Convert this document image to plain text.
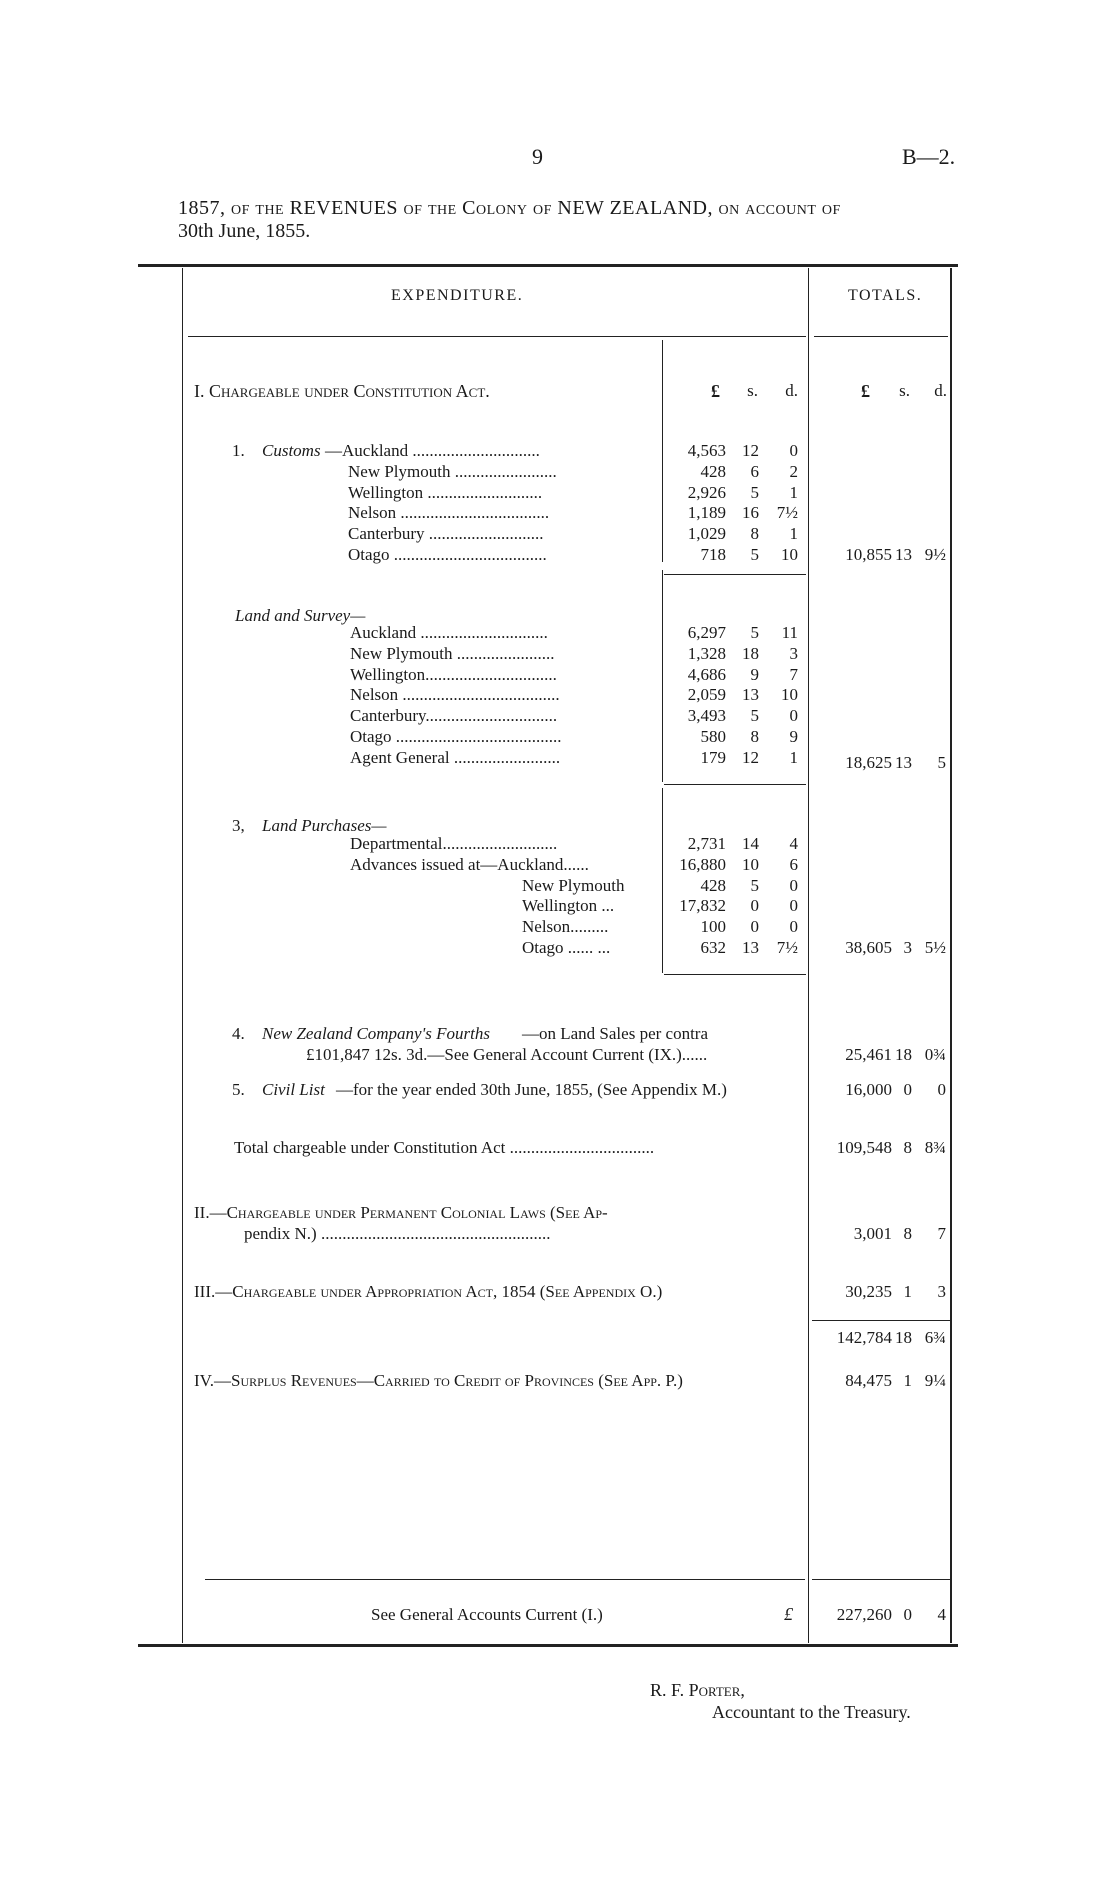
9	B—2.
1857, of the REVENUES of the Colony of NEW ZEALAND, on account of
30th June, 1855.
EXPENDITURE.	TOTALS.
I. Chargeable under Constitution Act.	£	s.	d.	£	s.	d.
1. Customs —Auckland ..............................	4,563 12	0
New Plymouth ........................	428	6	2
Wellington ...........................	2,926	5	1
Nelson ...................................	1,189 16 7½
Canterbury ...........................	1,029	8	1
Otago ....................................	718	5	10	10,855 13 9½
Land and Survey—
Auckland ..............................	6,297	5	11
New Plymouth .......................	1,328 18	3
Wellington...............................	4,686	9	7
Nelson .....................................	2,059 13	10
Canterbury...............................	3,493	5	0
Otago .......................................	580	8	9
Agent General .........................	179 12	1	18,625 13	5
3, Land Purchases—
Departmental...........................	2,731 14	4
Advances issued at—Auckland......	16,880 10	6
New Plymouth	428	5	0
Wellington ...	17,832	0	0
Nelson.........	100	0	0
Otago ...... ...	632 13 7½	38,605 3 5½
4. New Zealand Company's Fourths —on Land Sales per contra
£101,847 12s. 3d.—See General Account Current (IX.)......	25,461 18 0¾
5. Civil List —for the year ended 30th June, 1855, (See Appendix M.)	16,000 0	0
Total chargeable under Constitution Act ..................................	109,548 8 8¾
II.—Chargeable under Permanent Colonial Laws (See Ap-
pendix N.) ......................................................	3,001 8	7
III.—Chargeable under Appropriation Act, 1854 (See Appendix O.)	30,235 1	3
142,784 18 6¾
IV.—Surplus Revenues—Carried to Credit of Provinces (See App. P.)	84,475 1 9¼
See General Accounts Current (I.)	£	227,260 0	4
R. F. Porter,
Accountant to the Treasury.
